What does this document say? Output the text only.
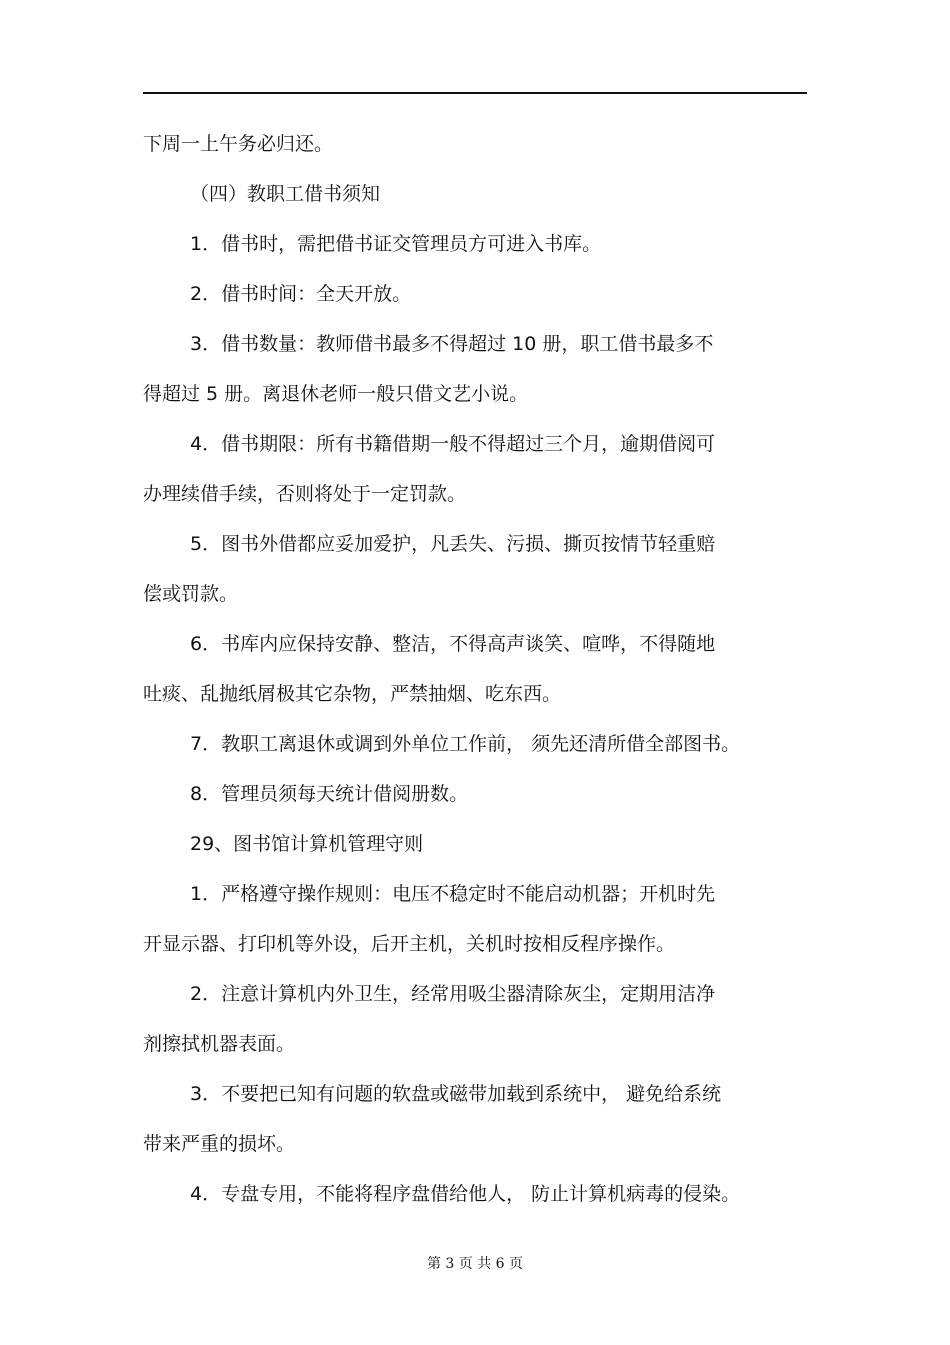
下周一上午务必归还。
（四）教职工借书须知
1．借书时，需把借书证交管理员方可进入书库。
2．借书时间：全天开放。
3．借书数量：教师借书最多不得超过 10 册，职工借书最多不
得超过 5 册。离退休老师一般只借文艺小说。
4．借书期限：所有书籍借期一般不得超过三个月，逾期借阅可
办理续借手续，否则将处于一定罚款。
5．图书外借都应妥加爱护，凡丢失、污损、撕页按情节轻重赔
偿或罚款。
6．书库内应保持安静、整洁，不得高声谈笑、喧哗，不得随地
吐痰、乱抛纸屑极其它杂物，严禁抽烟、吃东西。
7．教职工离退休或调到外单位工作前， 须先还清所借全部图书。
8．管理员须每天统计借阅册数。
29、图书馆计算机管理守则
1．严格遵守操作规则：电压不稳定时不能启动机器；开机时先
开显示器、打印机等外设，后开主机，关机时按相反程序操作。
2．注意计算机内外卫生，经常用吸尘器清除灰尘，定期用洁净
剂擦拭机器表面。
3．不要把已知有问题的软盘或磁带加载到系统中， 避免给系统
带来严重的损坏。
4．专盘专用，不能将程序盘借给他人， 防止计算机病毒的侵染。
第 3 页 共 6 页
